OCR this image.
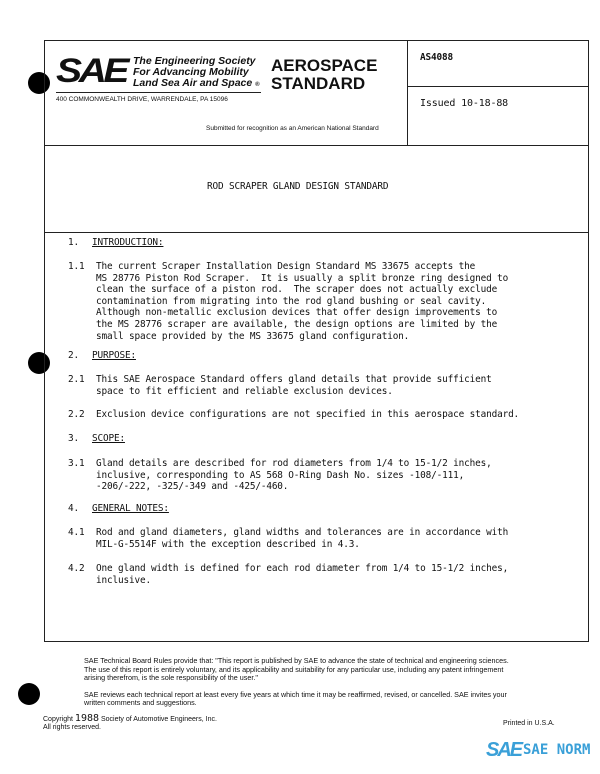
SAE The Engineering Society
For Advancing Mobility
Land Sea Air and Space ®
400 COMMONWEALTH DRIVE, WARRENDALE, PA 15096
AEROSPACE
STANDARD
AS4088
Issued 10-18-88
Submitted for recognition as an American National Standard
ROD SCRAPER GLAND DESIGN STANDARD
1. INTRODUCTION:
1.1 The current Scraper Installation Design Standard MS 33675 accepts the
MS 28776 Piston Rod Scraper.  It is usually a split bronze ring designed to
clean the surface of a piston rod.  The scraper does not actually exclude
contamination from migrating into the rod gland bushing or seal cavity.
Although non-metallic exclusion devices that offer design improvements to
the MS 28776 scraper are available, the design options are limited by the
small space provided by the MS 33675 gland configuration.
2. PURPOSE:
2.1 This SAE Aerospace Standard offers gland details that provide sufficient
space to fit efficient and reliable exclusion devices.
2.2 Exclusion device configurations are not specified in this aerospace standard.
3. SCOPE:
3.1 Gland details are described for rod diameters from 1/4 to 15-1/2 inches,
inclusive, corresponding to AS 568 O-Ring Dash No. sizes -108/-111,
-206/-222, -325/-349 and -425/-460.
4. GENERAL NOTES:
4.1 Rod and gland diameters, gland widths and tolerances are in accordance with
MIL-G-5514F with the exception described in 4.3.
4.2 One gland width is defined for each rod diameter from 1/4 to 15-1/2 inches,
inclusive.
SAE Technical Board Rules provide that: "This report is published by SAE to advance the state of technical and engineering sciences.
The use of this report is entirely voluntary, and its applicability and suitability for any particular use, including any patent infringement
arising therefrom, is the sole responsibility of the user."
SAE reviews each technical report at least every five years at which time it may be reaffirmed, revised, or cancelled. SAE invites your
written comments and suggestions.
Copyright 1988 Society of Automotive Engineers, Inc.
All rights reserved.
Printed in U.S.A.
SAE SAE NORM
